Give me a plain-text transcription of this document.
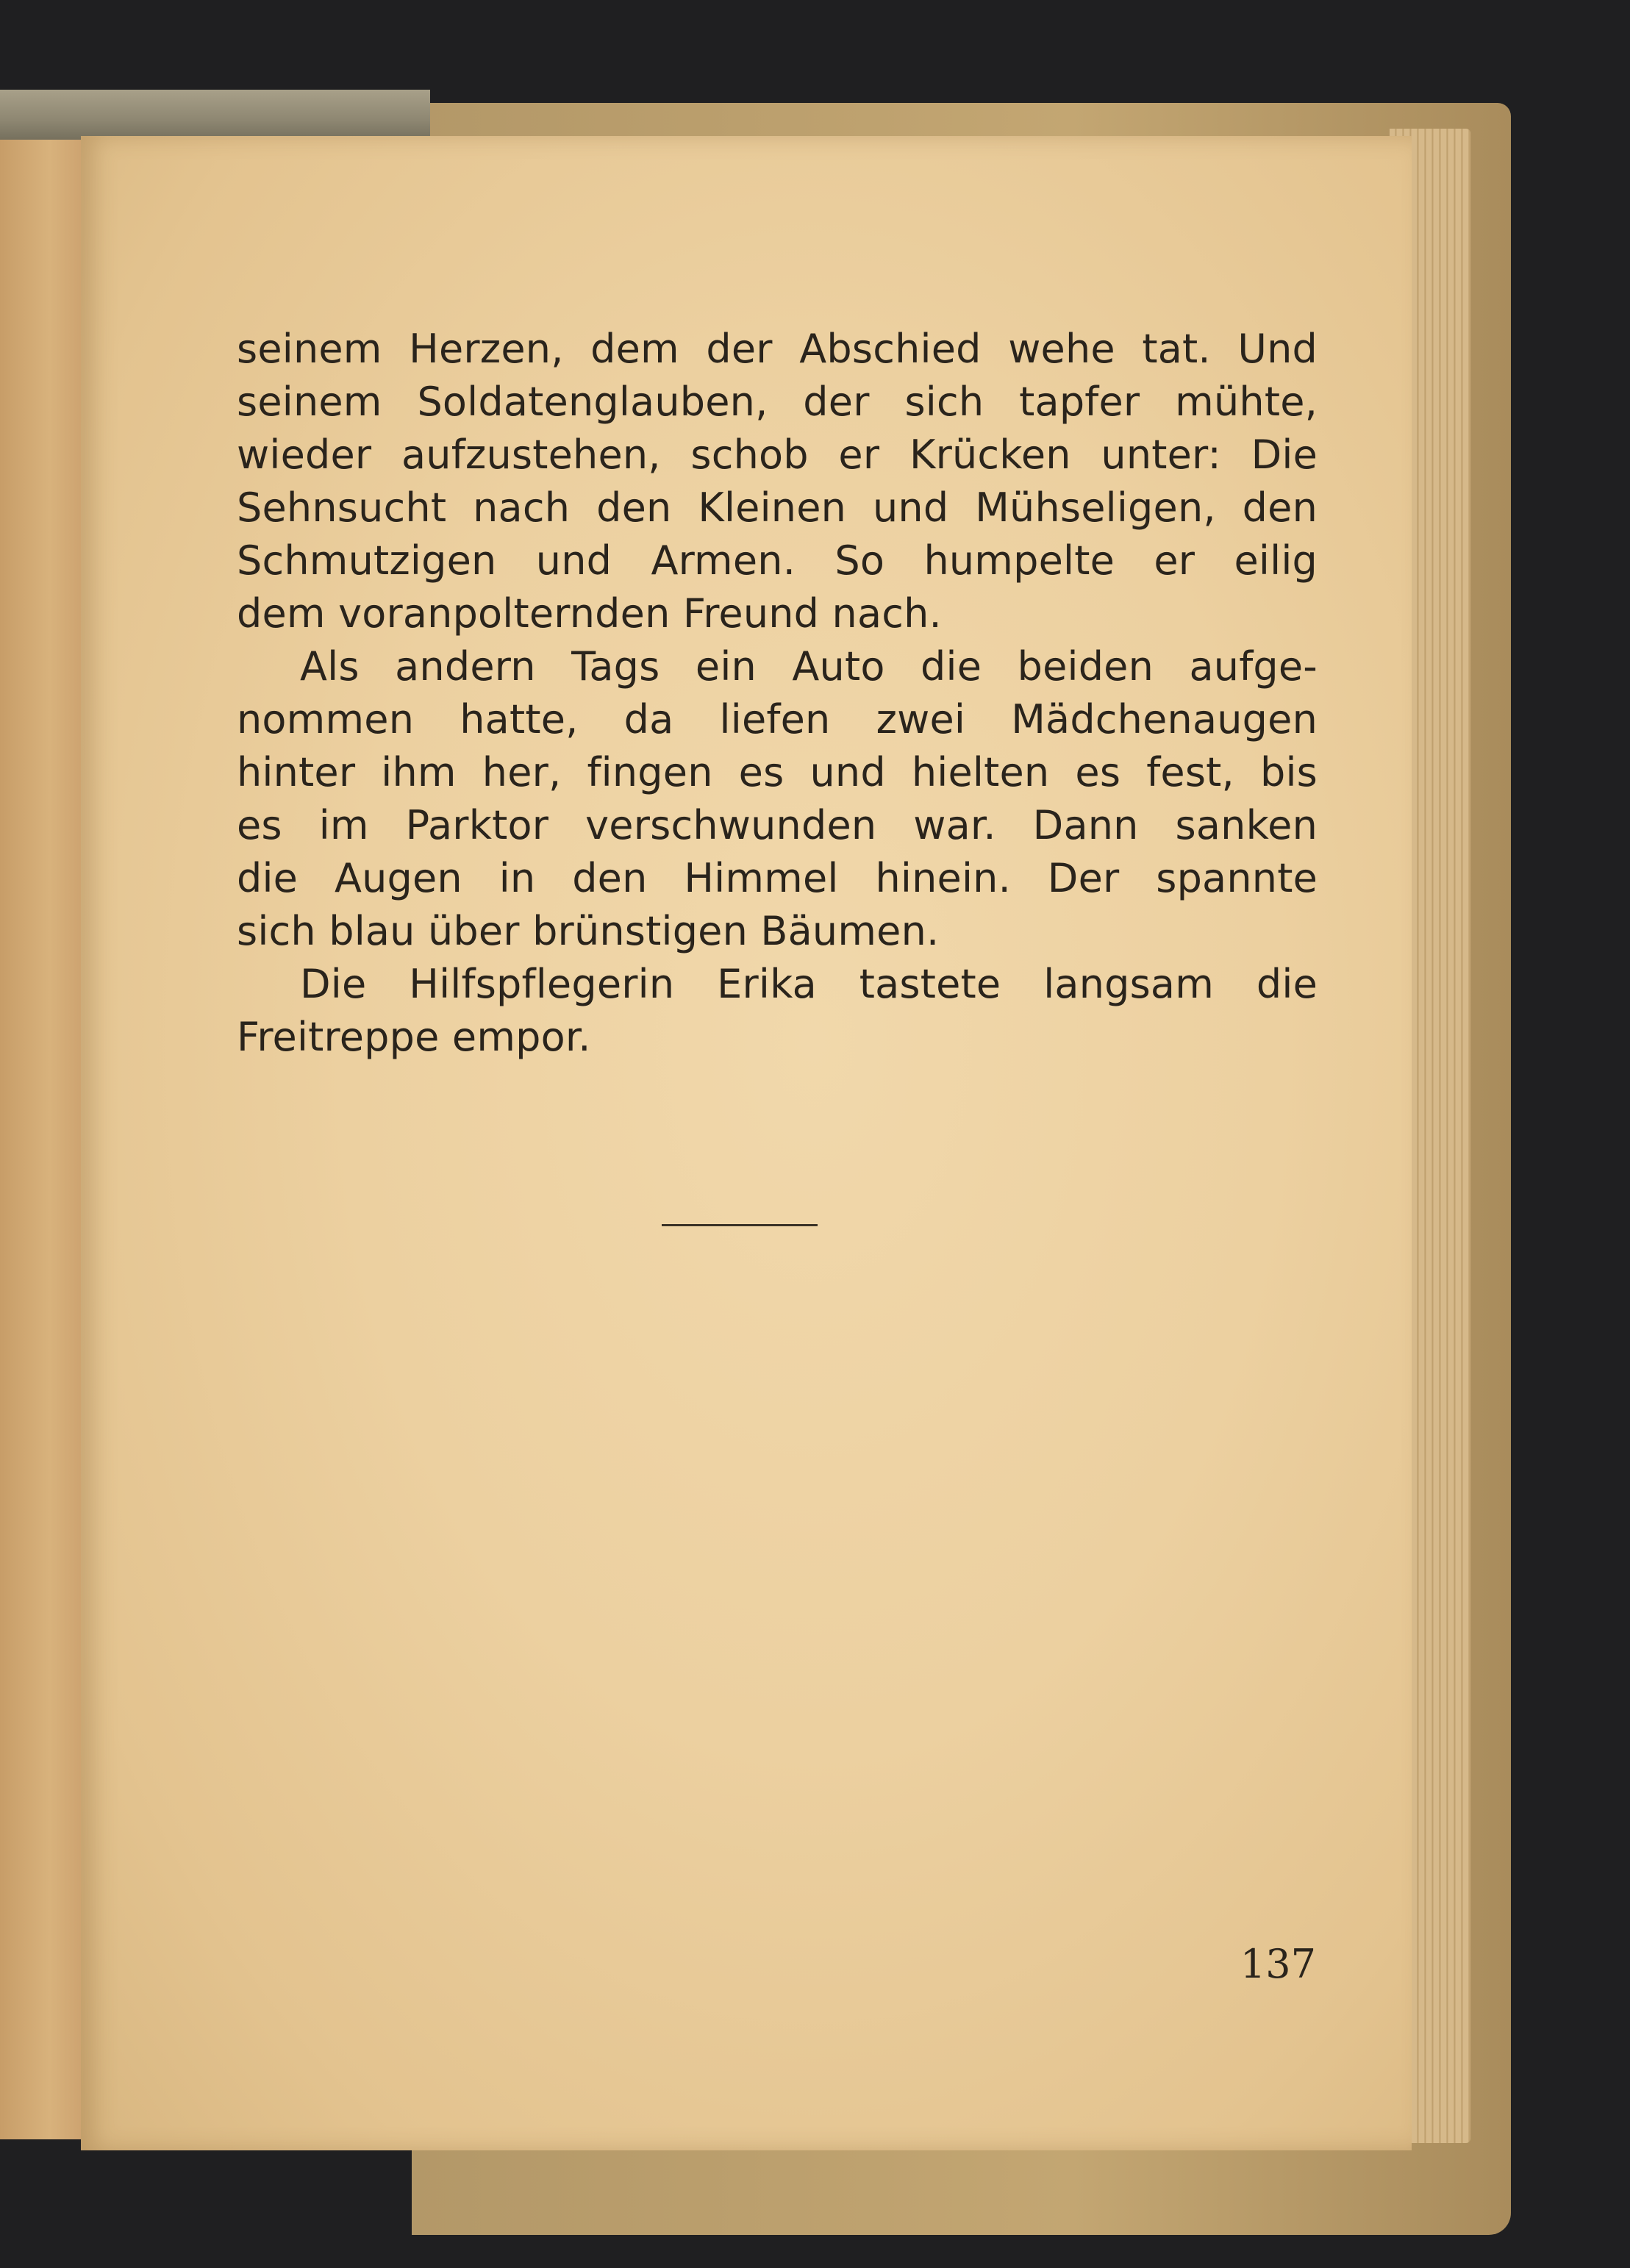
seinem Herzen, dem der Abschied wehe tat. Und
seinem Soldatenglauben, der sich tapfer mühte,
wieder aufzustehen, schob er Krücken unter: Die
Sehnsucht nach den Kleinen und Mühseligen, den
Schmutzigen und Armen. So humpelte er eilig
dem voranpolternden Freund nach.
Als andern Tags ein Auto die beiden aufge-
nommen hatte, da liefen zwei Mädchenaugen
hinter ihm her, fingen es und hielten es fest, bis
es im Parktor verschwunden war. Dann sanken
die Augen in den Himmel hinein. Der spannte
sich blau über brünstigen Bäumen.
Die Hilfspflegerin Erika tastete langsam die
Freitreppe empor.
137
